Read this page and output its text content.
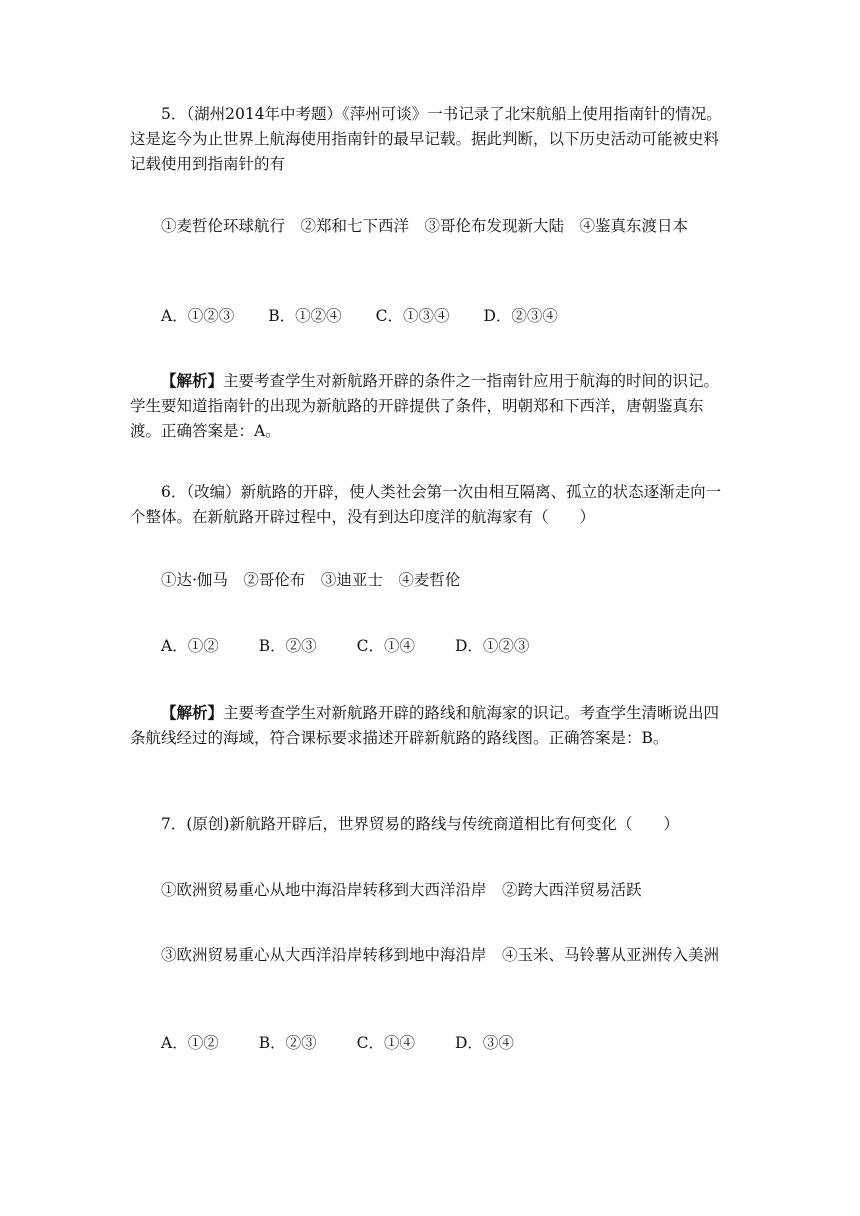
5．（湖州2014年中考题）《萍州可谈》一书记录了北宋航船上使用指南针的情况。这是迄今为止世界上航海使用指南针的最早记载。据此判断，以下历史活动可能被史料记载使用到指南针的有

①麦哲伦环球航行　②郑和七下西洋　③哥伦布发现新大陆　④鉴真东渡日本

A．①②③ B．①②④ C．①③④ D．②③④

【解析】主要考查学生对新航路开辟的条件之一指南针应用于航海的时间的识记。学生要知道指南针的出现为新航路的开辟提供了条件，明朝郑和下西洋，唐朝鉴真东渡。正确答案是：A。

6．（改编）新航路的开辟，使人类社会第一次由相互隔离、孤立的状态逐渐走向一个整体。在新航路开辟过程中，没有到达印度洋的航海家有（　　）

①达·伽马　②哥伦布　③迪亚士　④麦哲伦

A．①②	B．②③	C．①④	D．①②③

【解析】主要考查学生对新航路开辟的路线和航海家的识记。考查学生清晰说出四条航线经过的海域，符合课标要求描述开辟新航路的路线图。正确答案是：B。

7．(原创)新航路开辟后，世界贸易的路线与传统商道相比有何变化（　　）

①欧洲贸易重心从地中海沿岸转移到大西洋沿岸　②跨大西洋贸易活跃

③欧洲贸易重心从大西洋沿岸转移到地中海沿岸　④玉米、马铃薯从亚洲传入美洲

A．①②	B．②③	C．①④	D．③④
